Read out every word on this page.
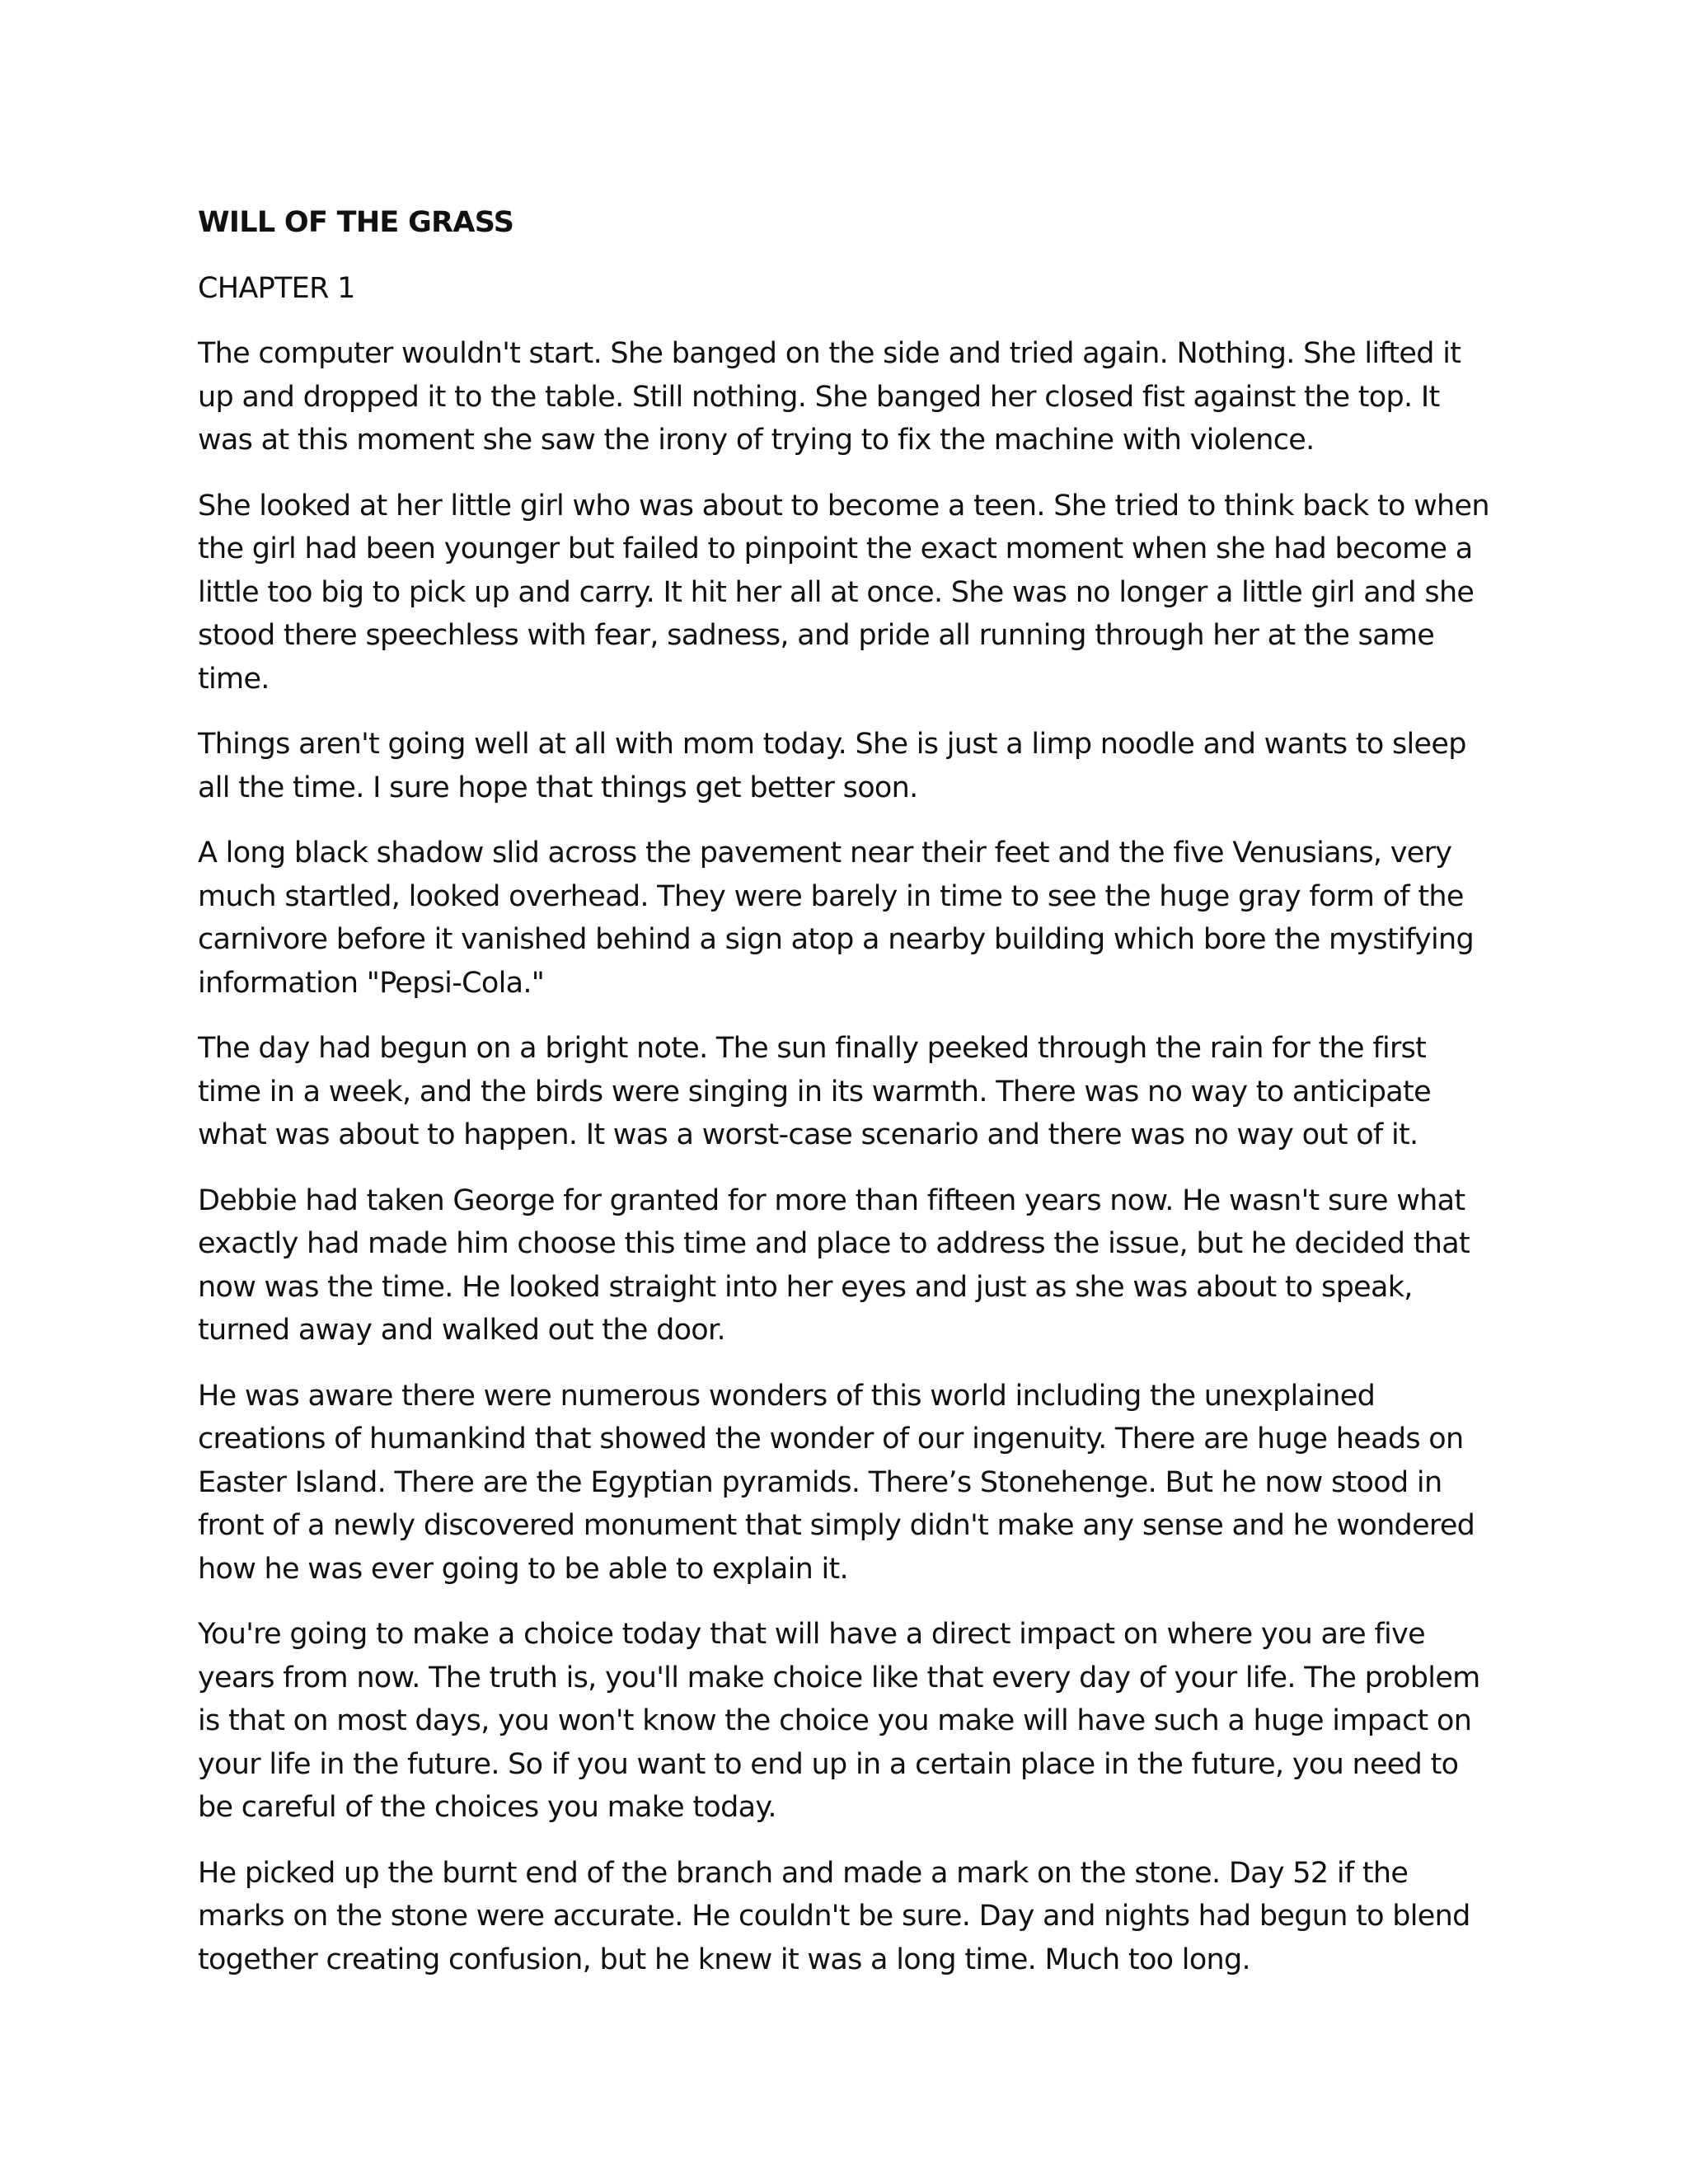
WILL OF THE GRASS
CHAPTER 1

The computer wouldn't start. She banged on the side and tried again. Nothing. She lifted it up and dropped it to the table. Still nothing. She banged her closed fist against the top. It was at this moment she saw the irony of trying to fix the machine with violence.

She looked at her little girl who was about to become a teen. She tried to think back to when the girl had been younger but failed to pinpoint the exact moment when she had become a little too big to pick up and carry. It hit her all at once. She was no longer a little girl and she stood there speechless with fear, sadness, and pride all running through her at the same time.

Things aren't going well at all with mom today. She is just a limp noodle and wants to sleep all the time. I sure hope that things get better soon.

A long black shadow slid across the pavement near their feet and the five Venusians, very much startled, looked overhead. They were barely in time to see the huge gray form of the carnivore before it vanished behind a sign atop a nearby building which bore the mystifying information "Pepsi-Cola."

The day had begun on a bright note. The sun finally peeked through the rain for the first time in a week, and the birds were singing in its warmth. There was no way to anticipate what was about to happen. It was a worst-case scenario and there was no way out of it.

Debbie had taken George for granted for more than fifteen years now. He wasn't sure what exactly had made him choose this time and place to address the issue, but he decided that now was the time. He looked straight into her eyes and just as she was about to speak, turned away and walked out the door.

He was aware there were numerous wonders of this world including the unexplained creations of humankind that showed the wonder of our ingenuity. There are huge heads on Easter Island. There are the Egyptian pyramids. There’s Stonehenge. But he now stood in front of a newly discovered monument that simply didn't make any sense and he wondered how he was ever going to be able to explain it.

You're going to make a choice today that will have a direct impact on where you are five years from now. The truth is, you'll make choice like that every day of your life. The problem is that on most days, you won't know the choice you make will have such a huge impact on your life in the future. So if you want to end up in a certain place in the future, you need to be careful of the choices you make today.

He picked up the burnt end of the branch and made a mark on the stone. Day 52 if the marks on the stone were accurate. He couldn't be sure. Day and nights had begun to blend together creating confusion, but he knew it was a long time. Much too long.
